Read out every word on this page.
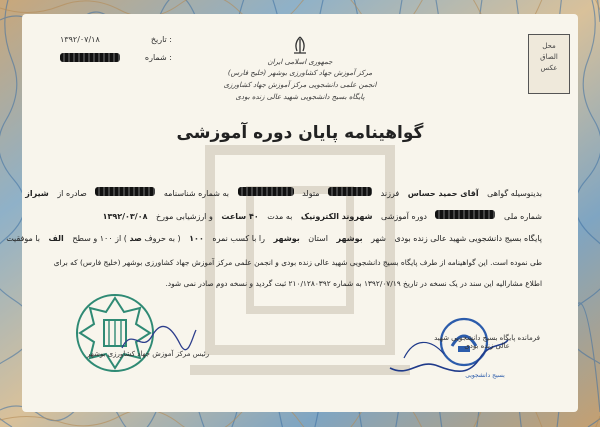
۱۳۹۲/۰۷/۱۸	تاریخ :
شماره :	جمهوری اسلامی ایران
مرکز آموزش جهاد کشاورزی بوشهر (خلیج فارس)
انجمن علمی دانشجویی مرکز آموزش جهاد کشاورزی
پایگاه بسیج دانشجویی شهید عالی زنده بودی
گواهینامه پایان دوره آموزشی
محل
الصاق
عکس
بدینوسیله گواهی آقای حمید حساس فرزند  متولد  به شماره شناسنامه  صادره از شیراز
شماره ملی  دوره آموزشی شهروند الکترونیک به مدت ۴۰ ساعت و ارزشیابی مورخ ۱۳۹۲/۰۳/۰۸
پایگاه بسیج دانشجویی شهید عالی زنده بودی شهر بوشهر استان بوشهر را با کسب نمره ۱۰۰ ( به حروف صد ) از ۱۰۰ و سطح الف با موفقیت
طی نموده است. این گواهینامه از طرف پایگاه بسیج دانشجویی شهید عالی زنده بودی و انجمن علمی مرکز آموزش جهاد کشاورزی بوشهر (خلیج فارس) که برای
اطلاع مشارالیه این سند در یک نسخه در تاریخ ۱۳۹۲/۰۷/۱۹ به شماره ۲۱۰/۱۲۸۰۳۹۲ ثبت گردید و نسخه دوم صادر نمی شود.
رئیس مرکز آموزش جهاد کشاورزی بوشهر
بسیج دانشجویی
فرمانده پایگاه بسیج دانشجویی شهید عالی زنده بودی
